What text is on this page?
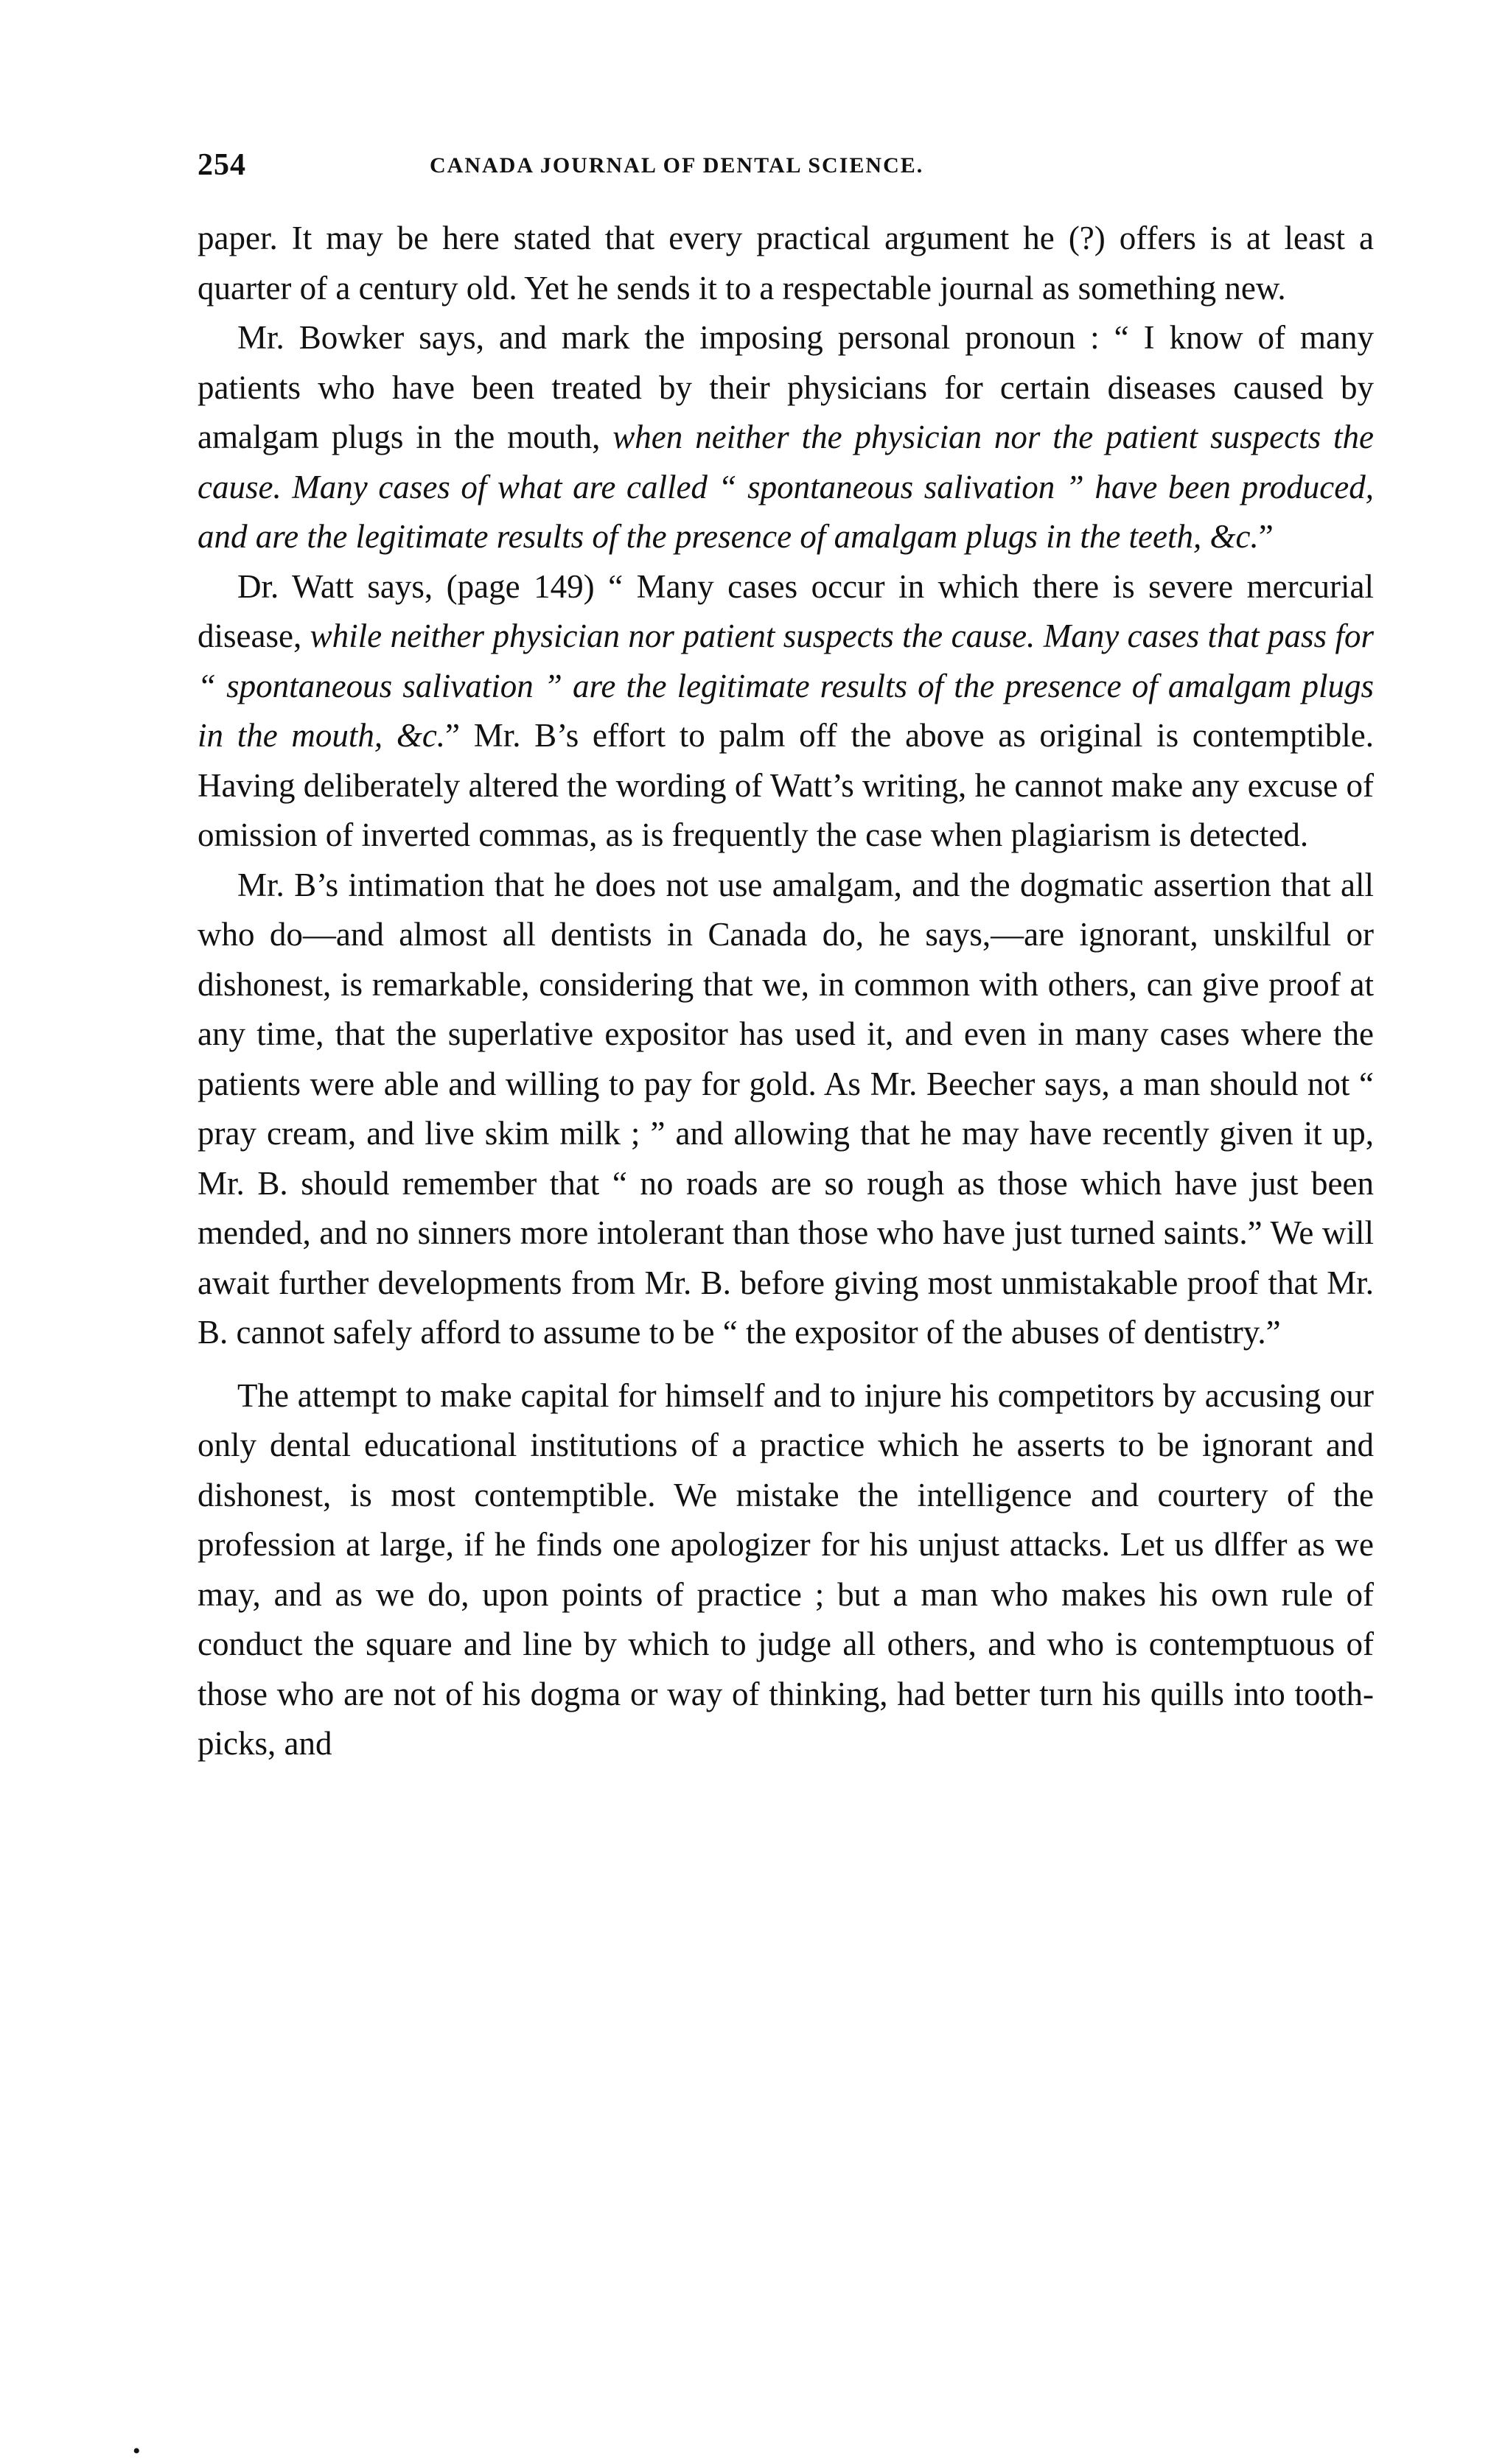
254	CANADA JOURNAL OF DENTAL SCIENCE.

paper. It may be here stated that every practical argument he (?) offers is at least a quarter of a century old. Yet he sends it to a respectable journal as something new.

Mr. Bowker says, and mark the imposing personal pronoun : “ I know of many patients who have been treated by their physicians for certain diseases caused by amalgam plugs in the mouth, when neither the physician nor the patient suspects the cause. Many cases of what are called “ spontaneous salivation ” have been produced, and are the legitimate results of the presence of amalgam plugs in the teeth, &c.”

Dr. Watt says, (page 149) “ Many cases occur in which there is severe mercurial disease, while neither physician nor patient suspects the cause. Many cases that pass for “ spontaneous salivation ” are the legitimate results of the presence of amalgam plugs in the mouth, &c.” Mr. B’s effort to palm off the above as original is contemptible. Having deliberately altered the wording of Watt’s writing, he cannot make any excuse of omission of inverted commas, as is frequently the case when plagiarism is detected.

Mr. B’s intimation that he does not use amalgam, and the dogmatic assertion that all who do—and almost all dentists in Canada do, he says,—are ignorant, unskilful or dishonest, is remarkable, considering that we, in common with others, can give proof at any time, that the superlative expositor has used it, and even in many cases where the patients were able and willing to pay for gold. As Mr. Beecher says, a man should not “ pray cream, and live skim milk ; ” and allowing that he may have recently given it up, Mr. B. should remember that “ no roads are so rough as those which have just been mended, and no sinners more intolerant than those who have just turned saints.” We will await further developments from Mr. B. before giving most unmistakable proof that Mr. B. cannot safely afford to assume to be “ the expositor of the abuses of dentistry.”

The attempt to make capital for himself and to injure his competitors by accusing our only dental educational institutions of a practice which he asserts to be ignorant and dishonest, is most contemptible. We mistake the intelligence and courtery of the profession at large, if he finds one apologizer for his unjust attacks. Let us dlffer as we may, and as we do, upon points of practice ; but a man who makes his own rule of conduct the square and line by which to judge all others, and who is contemptuous of those who are not of his dogma or way of thinking, had better turn his quills into tooth-picks, and

•
